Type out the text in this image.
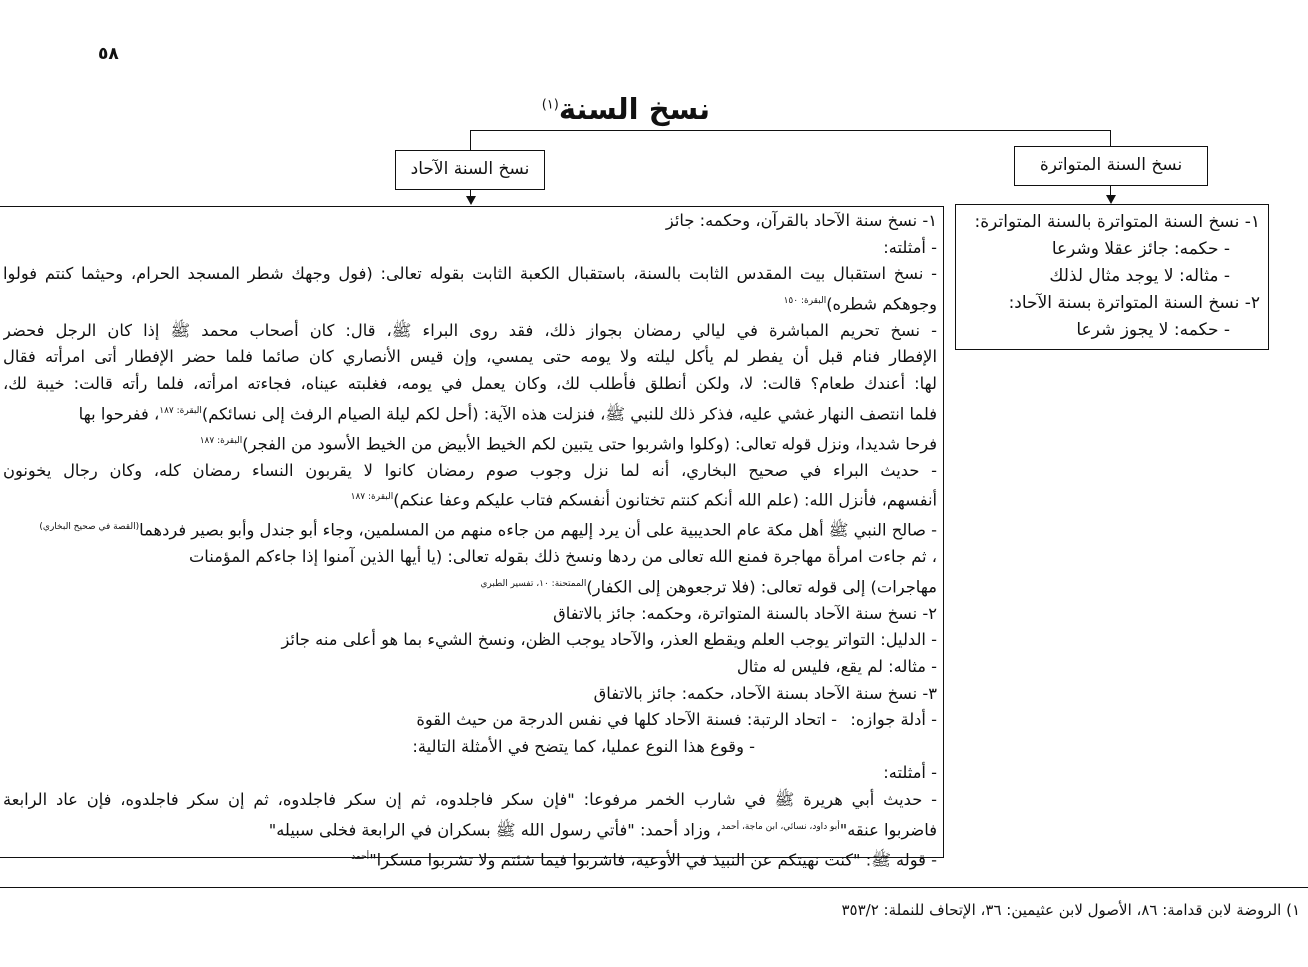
٥٨
نسخ السنة$^{(١)}$
نسخ السنة الآحاد	نسخ السنة المتواترة
١- نسخ السنة المتواترة بالسنة المتواترة:
- حكمه: جائز عقلا وشرعا
- مثاله: لا يوجد مثال لذلك
٢- نسخ السنة المتواترة بسنة الآحاد:
- حكمه: لا يجوز شرعا
١- نسخ سنة الآحاد بالقرآن، وحكمه: جائز
- أمثلته:
- نسخ استقبال بيت المقدس الثابت بالسنة، باستقبال الكعبة الثابت بقوله تعالى: (فول وجهك شطر المسجد الحرام، وحيثما كنتم فولوا
وجوهكم شطره)$^{البقرة: ١٥٠}$
- نسخ تحريم المباشرة في ليالي رمضان بجواز ذلك، فقد روى البراء ﷺ، قال: كان أصحاب محمد ﷺ إذا كان الرجل فحضر
الإفطار فنام قبل أن يفطر لم يأكل ليلته ولا يومه حتى يمسي، وإن قيس الأنصاري كان صائما فلما حضر الإفطار أتى امرأته فقال
لها: أعندك طعام؟ قالت: لا، ولكن أنطلق فأطلب لك، وكان يعمل في يومه، فغلبته عيناه، فجاءته امرأته، فلما رأته قالت: خيبة لك،
فلما انتصف النهار غشي عليه، فذكر ذلك للنبي ﷺ، فنزلت هذه الآية: (أحل لكم ليلة الصيام الرفث إلى نسائكم)$^{البقرة: ١٨٧}$، ففرحوا بها
فرحا شديدا، ونزل قوله تعالى: (وكلوا واشربوا حتى يتبين لكم الخيط الأبيض من الخيط الأسود من الفجر)$^{البقرة: ١٨٧}$
- حديث البراء في صحيح البخاري، أنه لما نزل وجوب صوم رمضان كانوا لا يقربون النساء رمضان كله، وكان رجال يخونون
أنفسهم، فأنزل الله: (علم الله أنكم كنتم تختانون أنفسكم فتاب عليكم وعفا عنكم)$^{البقرة: ١٨٧}$
- صالح النبي ﷺ أهل مكة عام الحديبية على أن يرد إليهم من جاءه منهم من المسلمين، وجاء أبو جندل وأبو بصير فردهما$^{(القصة في صحيح البخاري)}$
، ثم جاءت امرأة مهاجرة فمنع الله تعالى من ردها ونسخ ذلك بقوله تعالى: (يا أيها الذين آمنوا إذا جاءكم المؤمنات
مهاجرات) إلى قوله تعالى: (فلا ترجعوهن إلى الكفار)$^{الممتحنة: ١٠، تفسير الطبري}$
٢- نسخ سنة الآحاد بالسنة المتواترة، وحكمه: جائز بالاتفاق
- الدليل: التواتر يوجب العلم ويقطع العذر، والآحاد يوجب الظن، ونسخ الشيء بما هو أعلى منه جائز
- مثاله: لم يقع، فليس له مثال
٣- نسخ سنة الآحاد بسنة الآحاد، حكمه: جائز بالاتفاق
- أدلة جوازه:- اتحاد الرتبة: فسنة الآحاد كلها في نفس الدرجة من حيث القوة
- وقوع هذا النوع عمليا، كما يتضح في الأمثلة التالية:
- أمثلته:
- حديث أبي هريرة ﷺ في شارب الخمر مرفوعا: "فإن سكر فاجلدوه، ثم إن سكر فاجلدوه، ثم إن سكر فاجلدوه، فإن عاد الرابعة
فاضربوا عنقه"$^{أبو داود، نسائي، ابن ماجة، أحمد}$، وزاد أحمد: "فأتي رسول الله ﷺ بسكران في الرابعة فخلى سبيله"
- قوله ﷺ: "كنت نهيتكم عن النبيذ في الأوعية، فاشربوا فيما شئتم ولا تشربوا مسكرا"$^{أحمد}$
١) الروضة لابن قدامة: ٨٦، الأصول لابن عثيمين: ٣٦، الإتحاف للنملة: ٣٥٣/٢
